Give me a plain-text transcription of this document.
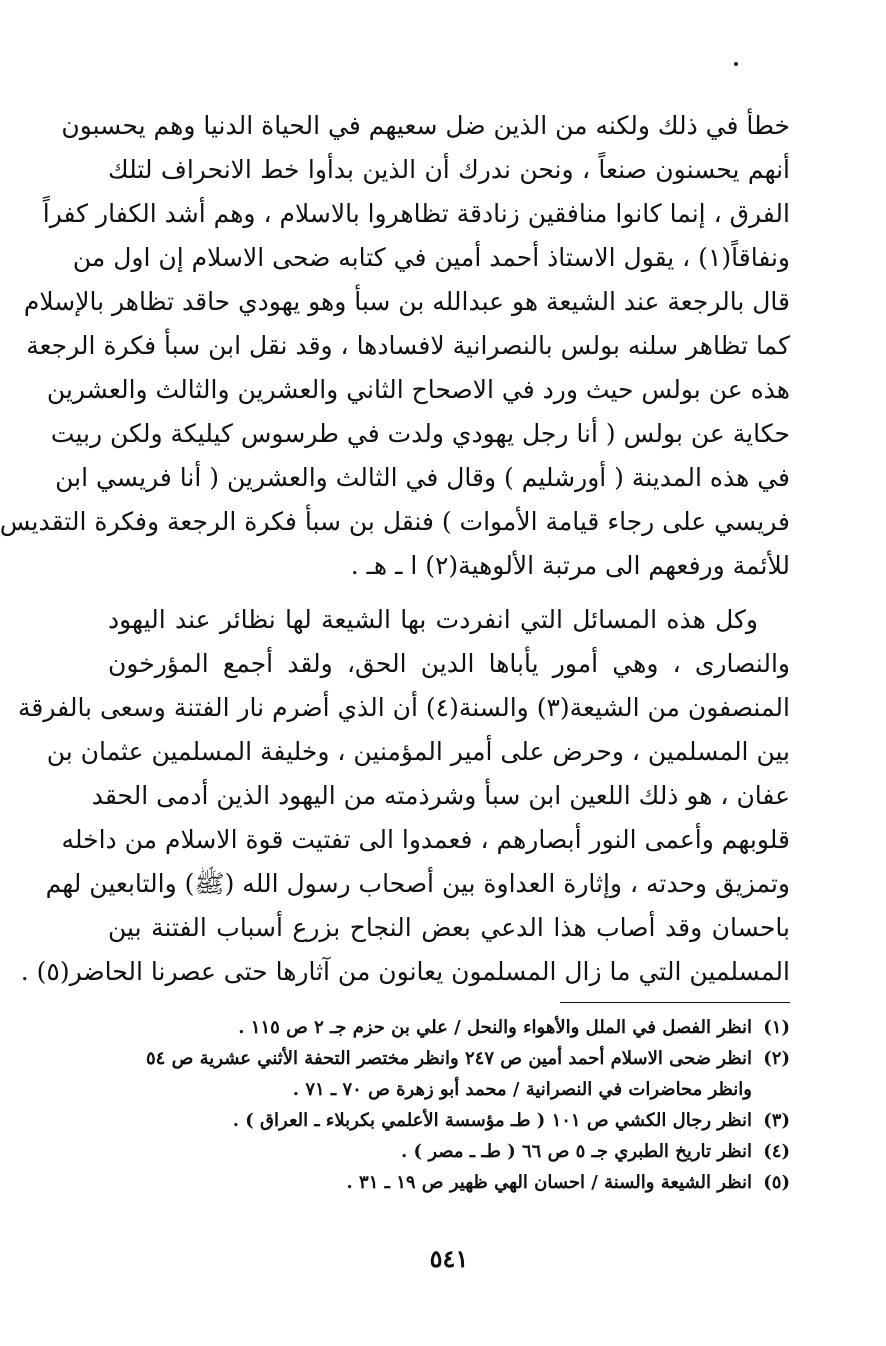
خطأ في ذلك ولكنه من الذين ضل سعيهم في الحياة الدنيا وهم يحسبون
أنهم يحسنون صنعاً ، ونحن ندرك أن الذين بدأوا خط الانحراف لتلك
الفرق ، إنما كانوا منافقين زنادقة تظاهروا بالاسلام ، وهم أشد الكفار كفراً
ونفاقاً(١) ، يقول الاستاذ أحمد أمين في كتابه ضحى الاسلام إن اول من
قال بالرجعة عند الشيعة هو عبدالله بن سبأ وهو يهودي حاقد تظاهر بالإسلام
كما تظاهر سلنه بولس بالنصرانية لافسادها ، وقد نقل ابن سبأ فكرة الرجعة
هذه عن بولس حيث ورد في الاصحاح الثاني والعشرين والثالث والعشرين
حكاية عن بولس ( أنا رجل يهودي ولدت في طرسوس كيليكة ولكن ربيت
في هذه المدينة ( أورشليم ) وقال في الثالث والعشرين ( أنا فريسي ابن
فريسي على رجاء قيامة الأموات ) فنقل بن سبأ فكرة الرجعة وفكرة التقديس
للأئمة ورفعهم الى مرتبة الألوهية(٢) ا ـ هـ .
وكل هذه المسائل التي انفردت بها الشيعة لها نظائر عند اليهود
والنصارى ، وهي أمور يأباها الدين الحق، ولقد أجمع المؤرخون
المنصفون من الشيعة(٣) والسنة(٤) أن الذي أضرم نار الفتنة وسعى بالفرقة
بين المسلمين ، وحرض على أمير المؤمنين ، وخليفة المسلمين عثمان بن
عفان ، هو ذلك اللعين ابن سبأ وشرذمته من اليهود الذين أدمى الحقد
قلوبهم وأعمى النور أبصارهم ، فعمدوا الى تفتيت قوة الاسلام من داخله
وتمزيق وحدته ، وإثارة العداوة بين أصحاب رسول الله (ﷺ) والتابعين لهم
باحسان وقد أصاب هذا الدعي بعض النجاح بزرع أسباب الفتنة بين
المسلمين التي ما زال المسلمون يعانون من آثارها حتى عصرنا الحاضر(٥) .
(١)
انظر الفصل في الملل والأهواء والنحل / علي بن حزم جـ ٢ ص ١١٥ .
(٢)
انظر ضحى الاسلام أحمد أمين ص ٢٤٧ وانظر مختصر التحفة الأثني عشرية ص ٥٤
وانظر محاضرات في النصرانية / محمد أبو زهرة ص ٧٠ ـ ٧١ .
(٣)
انظر رجال الكشي ص ١٠١ ( طـ مؤسسة الأعلمي بكربلاء ـ العراق ) .
(٤)
انظر تاريخ الطبري جـ ٥ ص ٦٦ ( طـ ـ مصر ) .
(٥)
انظر الشيعة والسنة / احسان الهي ظهير ص ١٩ ـ ٣١ .
٥٤١
